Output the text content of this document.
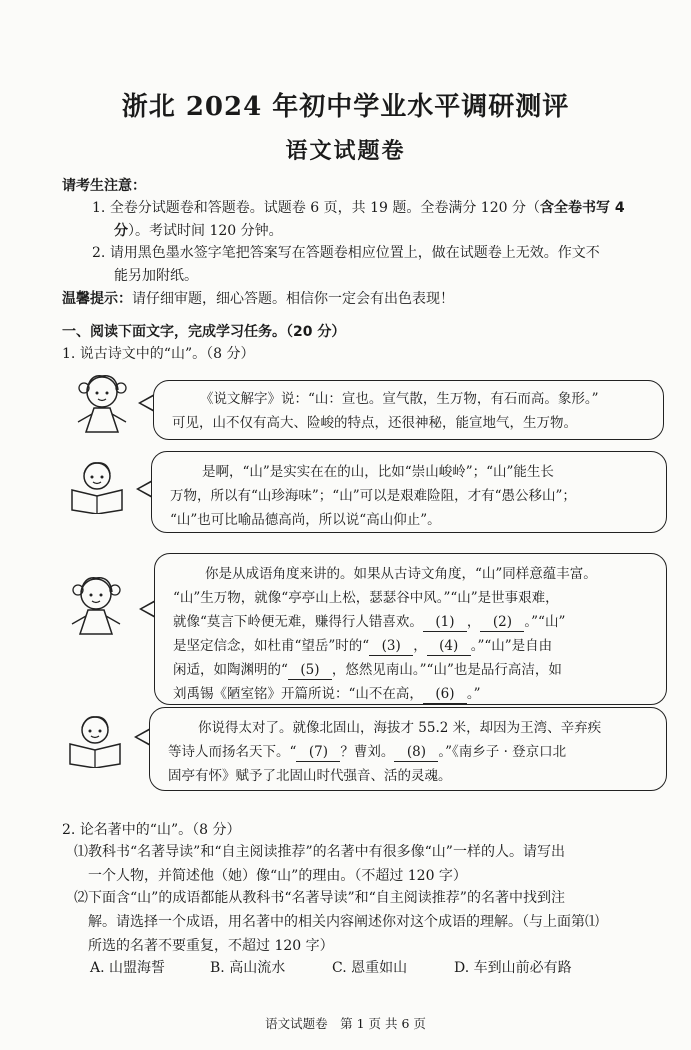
浙北 2024 年初中学业水平调研测评
语文试题卷
请考生注意：
1. 全卷分试题卷和答题卷。试题卷 6 页，共 19 题。全卷满分 120 分（含全卷书写 4
分）。考试时间 120 分钟。
2. 请用黑色墨水签字笔把答案写在答题卷相应位置上，做在试题卷上无效。作文不
能另加附纸。
温馨提示：请仔细审题，细心答题。相信你一定会有出色表现！
一、阅读下面文字，完成学习任务。（20 分）
1. 说古诗文中的“山”。（8 分）
《说文解字》说：“山：宣也。宣气散，生万物，有石而高。象形。”
可见，山不仅有高大、险峻的特点，还很神秘，能宣地气，生万物。
是啊，“山”是实实在在的山，比如“崇山峻岭”；“山”能生长
万物，所以有“山珍海味”；“山”可以是艰难险阻，才有“愚公移山”；
“山”也可比喻品德高尚，所以说“高山仰止”。
你是从成语角度来讲的。如果从古诗文角度，“山”同样意蕴丰富。
“山”生万物，就像“亭亭山上松，瑟瑟谷中风。”“山”是世事艰难，
就像“莫言下岭便无难，赚得行人错喜欢。 (1) ， (2) 。”“山”
是坚定信念，如杜甫“望岳”时的“ (3) ， (4) 。”“山”是自由
闲适，如陶渊明的“ (5) ，悠然见南山。”“山”也是品行高洁，如
刘禹锡《陋室铭》开篇所说：“山不在高， (6) 。”
你说得太对了。就像北固山，海拔才 55.2 米，却因为王湾、辛弃疾
等诗人而扬名天下。“ (7) ？曹刘。 (8) 。”《南乡子 · 登京口北
固亭有怀》赋予了北固山时代强音、活的灵魂。
2. 论名著中的“山”。（8 分）
⑴教科书“名著导读”和“自主阅读推荐”的名著中有很多像“山”一样的人。请写出
一个人物，并简述他（她）像“山”的理由。（不超过 120 字）
⑵下面含“山”的成语都能从教科书“名著导读”和“自主阅读推荐”的名著中找到注
解。请选择一个成语，用名著中的相关内容阐述你对这个成语的理解。（与上面第⑴
所选的名著不要重复，不超过 120 字）
A. 山盟海誓	B. 高山流水	C. 恩重如山	D. 车到山前必有路
语文试题卷　第 1 页 共 6 页
